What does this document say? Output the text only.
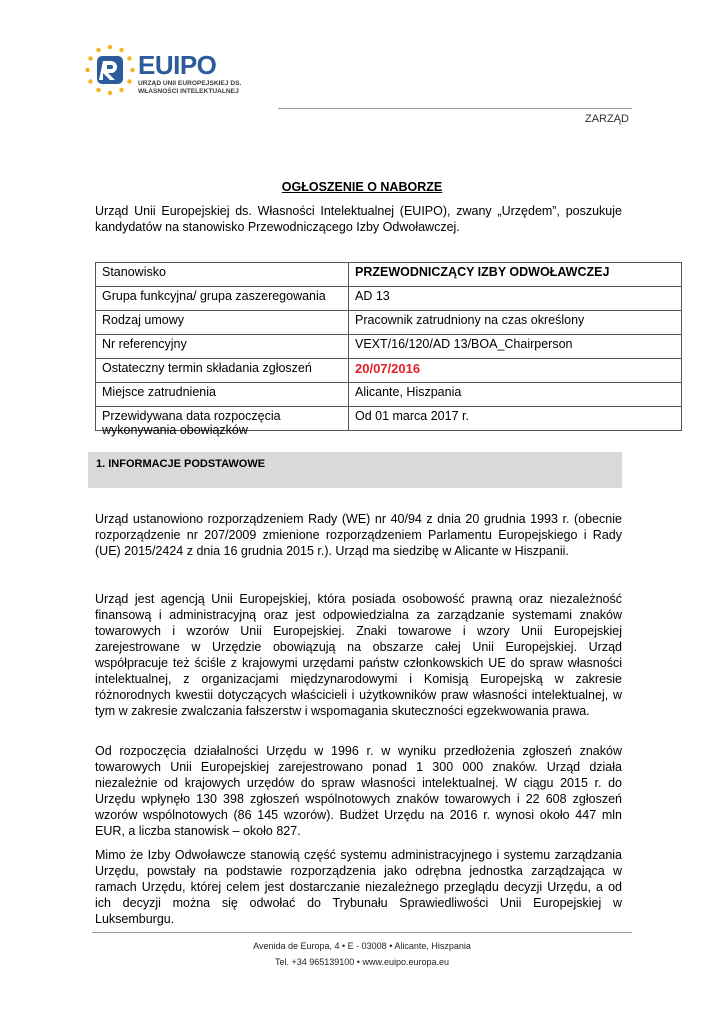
EUIPO
URZĄD UNII EUROPEJSKIEJ DS.
WŁASNOŚCI INTELEKTUALNEJ
ZARZĄD
OGŁOSZENIE O NABORZE
Urząd Unii Europejskiej ds. Własności Intelektualnej (EUIPO), zwany „Urzędem”, poszukuje kandydatów na stanowisko Przewodniczącego Izby Odwoławczej.
Stanowisko	PRZEWODNICZĄCY IZBY ODWOŁAWCZEJ
Grupa funkcyjna/ grupa zaszeregowania	AD 13
Rodzaj umowy	Pracownik zatrudniony na czas określony
Nr referencyjny	VEXT/16/120/AD 13/BOA_Chairperson
Ostateczny termin składania zgłoszeń	20/07/2016
Miejsce zatrudnienia	Alicante, Hiszpania

Przewidywana data rozpoczęcia wykonywania obowiązków	Od 01 marca 2017 r.
1. INFORMACJE PODSTAWOWE

Urząd ustanowiono rozporządzeniem Rady (WE) nr 40/94 z dnia 20 grudnia 1993 r. (obecnie rozporządzenie nr 207/2009 zmienione rozporządzeniem Parlamentu Europejskiego i Rady (UE) 2015/2424 z dnia 16 grudnia 2015 r.). Urząd ma siedzibę w Alicante w Hiszpanii.

Urząd jest agencją Unii Europejskiej, która posiada osobowość prawną oraz niezależność finansową i administracyjną oraz jest odpowiedzialna za zarządzanie systemami znaków towarowych i wzorów Unii Europejskiej. Znaki towarowe i wzory Unii Europejskiej zarejestrowane w Urzędzie obowiązują na obszarze całej Unii Europejskiej. Urząd współpracuje też ściśle z krajowymi urzędami państw członkowskich UE do spraw własności intelektualnej, z organizacjami międzynarodowymi i Komisją Europejską w zakresie różnorodnych kwestii dotyczących właścicieli i użytkowników praw własności intelektualnej, w tym w zakresie zwalczania fałszerstw i wspomagania skuteczności egzekwowania prawa.

Od rozpoczęcia działalności Urzędu w 1996 r. w wyniku przedłożenia zgłoszeń znaków towarowych Unii Europejskiej zarejestrowano ponad 1 300 000 znaków. Urząd działa niezależnie od krajowych urzędów do spraw własności intelektualnej. W ciągu 2015 r. do Urzędu wpłynęło 130 398 zgłoszeń wspólnotowych znaków towarowych i 22 608 zgłoszeń wzorów wspólnotowych (86 145 wzorów). Budżet Urzędu na 2016 r. wynosi około 447 mln EUR, a liczba stanowisk – około 827.

Mimo że Izby Odwoławcze stanowią część systemu administracyjnego i systemu zarządzania Urzędu, powstały na podstawie rozporządzenia jako odrębna jednostka zarządzająca w ramach Urzędu, której celem jest dostarczanie niezależnego przeglądu decyzji Urzędu, a od ich decyzji można się odwołać do Trybunału Sprawiedliwości Unii Europejskiej w Luksemburgu.

Avenida de Europa, 4 • E - 03008 • Alicante, Hiszpania
Tel. +34 965139100 • www.euipo.europa.eu
